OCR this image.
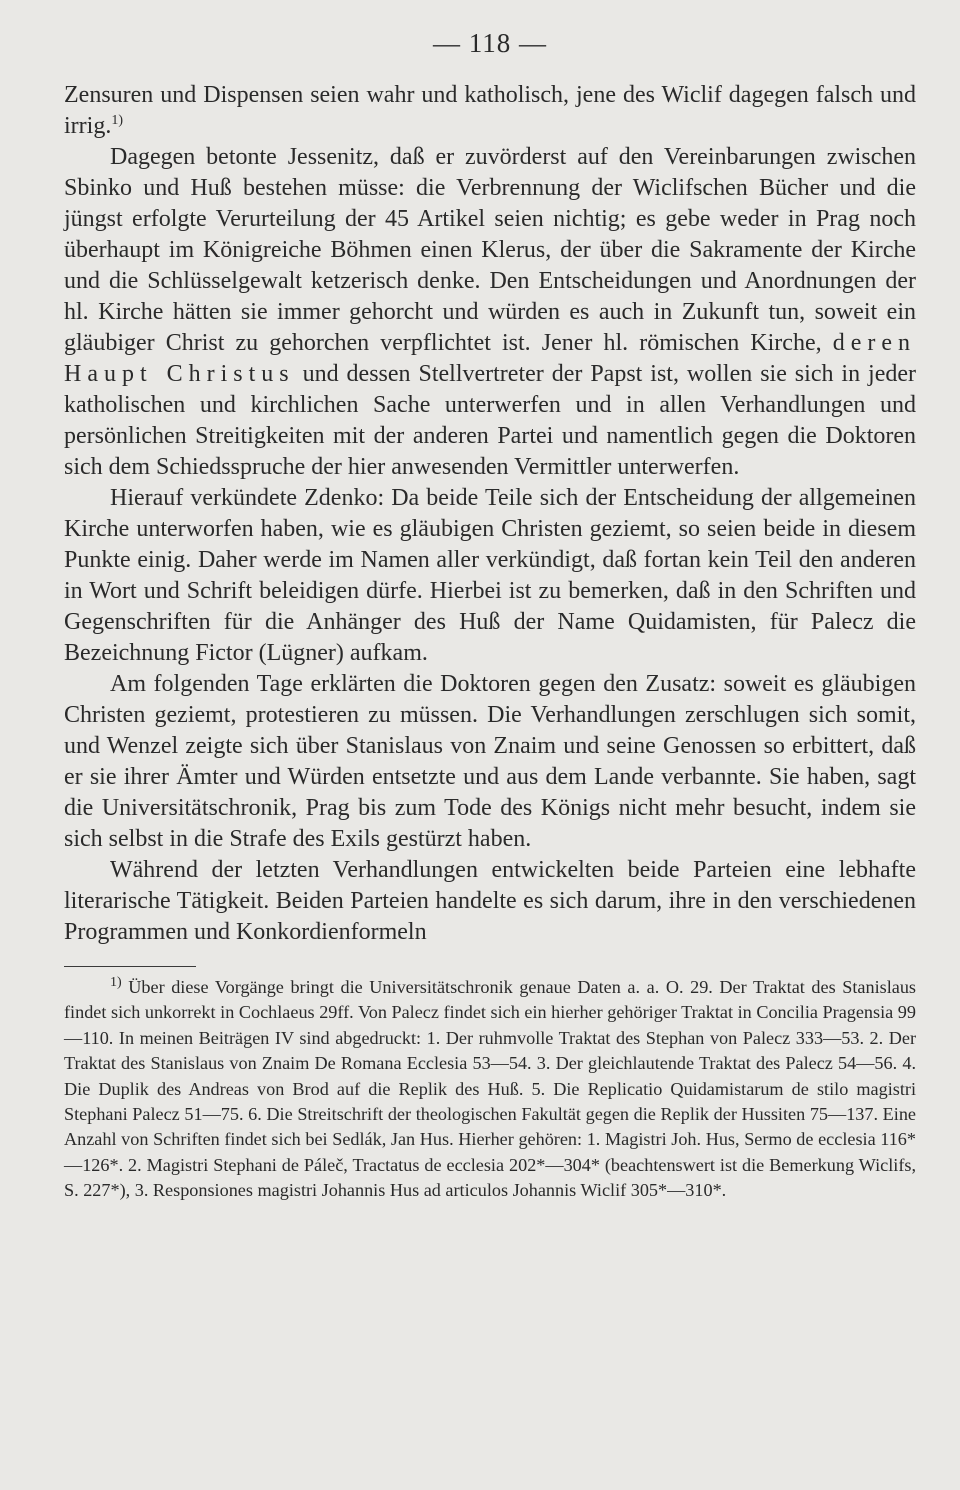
— 118 —

Zensuren und Dispensen seien wahr und katholisch, jene des Wiclif dagegen falsch und irrig.$^{1)}$

Dagegen betonte Jessenitz, daß er zuvörderst auf den Vereinbarungen zwischen Sbinko und Huß bestehen müsse: die Verbrennung der Wiclifschen Bücher und die jüngst erfolgte Verurteilung der 45 Artikel seien nichtig; es gebe weder in Prag noch überhaupt im Königreiche Böhmen einen Klerus, der über die Sakramente der Kirche und die Schlüsselgewalt ketzerisch denke. Den Entscheidungen und Anordnungen der hl. Kirche hätten sie immer gehorcht und würden es auch in Zukunft tun, soweit ein gläubiger Christ zu gehorchen verpflichtet ist. Jener hl. römischen Kirche, deren Haupt Christus und dessen Stellvertreter der Papst ist, wollen sie sich in jeder katholischen und kirchlichen Sache unterwerfen und in allen Verhandlungen und persönlichen Streitigkeiten mit der anderen Partei und namentlich gegen die Doktoren sich dem Schiedsspruche der hier anwesenden Vermittler unterwerfen.

Hierauf verkündete Zdenko: Da beide Teile sich der Entscheidung der allgemeinen Kirche unterworfen haben, wie es gläubigen Christen geziemt, so seien beide in diesem Punkte einig. Daher werde im Namen aller verkündigt, daß fortan kein Teil den anderen in Wort und Schrift beleidigen dürfe. Hierbei ist zu bemerken, daß in den Schriften und Gegenschriften für die Anhänger des Huß der Name Quidamisten, für Palecz die Bezeichnung Fictor (Lügner) aufkam.

Am folgenden Tage erklärten die Doktoren gegen den Zusatz: soweit es gläubigen Christen geziemt, protestieren zu müssen. Die Verhandlungen zerschlugen sich somit, und Wenzel zeigte sich über Stanislaus von Znaim und seine Genossen so erbittert, daß er sie ihrer Ämter und Würden entsetzte und aus dem Lande verbannte. Sie haben, sagt die Universitätschronik, Prag bis zum Tode des Königs nicht mehr besucht, indem sie sich selbst in die Strafe des Exils gestürzt haben.

Während der letzten Verhandlungen entwickelten beide Parteien eine lebhafte literarische Tätigkeit. Beiden Parteien handelte es sich darum, ihre in den verschiedenen Programmen und Konkordienformeln

$^{1)}$ Über diese Vorgänge bringt die Universitätschronik genaue Daten a. a. O. 29. Der Traktat des Stanislaus findet sich unkorrekt in Cochlaeus 29ff. Von Palecz findet sich ein hierher gehöriger Traktat in Concilia Pragensia 99—110. In meinen Beiträgen IV sind abgedruckt: 1. Der ruhmvolle Traktat des Stephan von Palecz 333—53. 2. Der Traktat des Stanislaus von Znaim De Romana Ecclesia 53—54. 3. Der gleichlautende Traktat des Palecz 54—56. 4. Die Duplik des Andreas von Brod auf die Replik des Huß. 5. Die Replicatio Quidamistarum de stilo magistri Stephani Palecz 51—75. 6. Die Streitschrift der theologischen Fakultät gegen die Replik der Hussiten 75—137. Eine Anzahl von Schriften findet sich bei Sedlák, Jan Hus. Hierher gehören: 1. Magistri Joh. Hus, Sermo de ecclesia 116*—126*. 2. Magistri Stephani de Páleč, Tractatus de ecclesia 202*—304* (beachtenswert ist die Bemerkung Wiclifs, S. 227*), 3. Responsiones magistri Johannis Hus ad articulos Johannis Wiclif 305*—310*.
